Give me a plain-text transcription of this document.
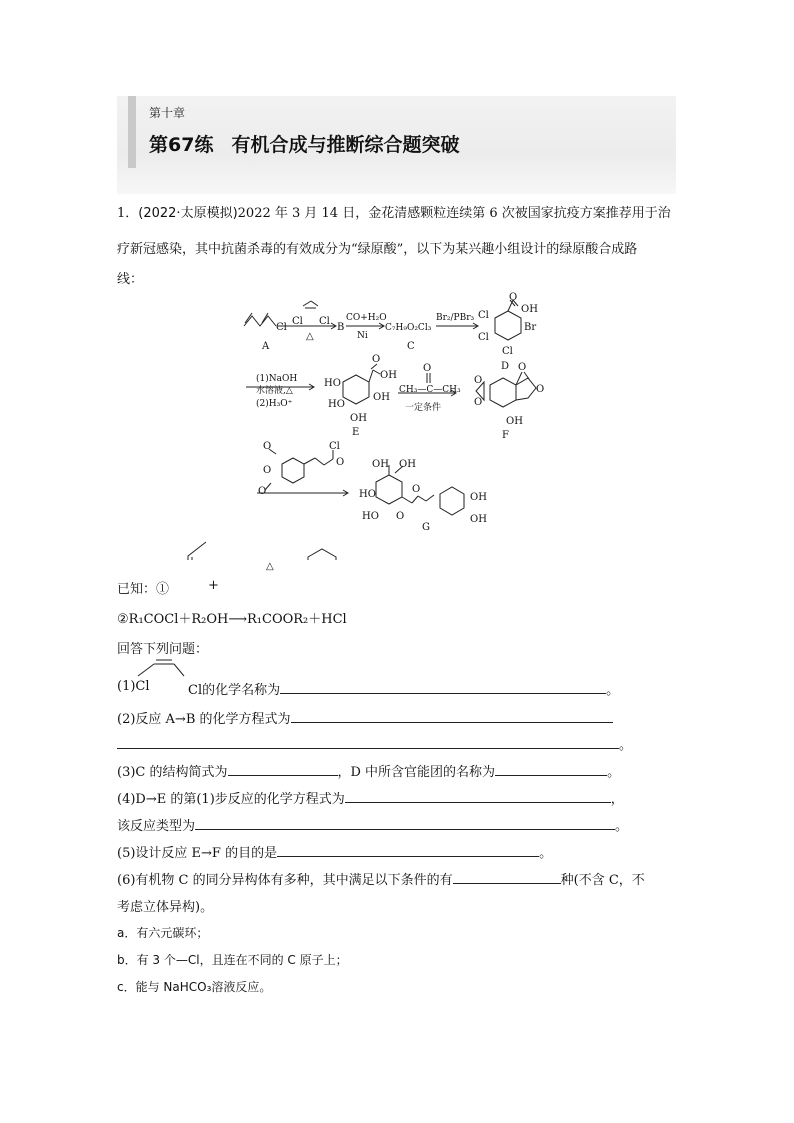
第十章
第67练 有机合成与推断综合题突破
1．(2022·太原模拟)2022 年 3 月 14 日，金花清感颗粒连续第 6 次被国家抗疫方案推荐用于治
疗新冠感染，其中抗菌杀毒的有效成分为“绿原酸”，以下为某兴趣小组设计的绿原酸合成路
线：
Cl
A
Cl Cl
△
B
CO+H₂O
Ni
C₇H₉O₂Cl₃
C
Br₂/PBr₃ Cl
Cl
Cl
Br
O
OH
D
(1)NaOH
水溶液,△
(2)H₃O⁺
HO
HO
OH
OH
O
OH
E
O
CH₃—C—CH₃
一定条件
O
O
O
O
OH
F
O
O
O
O
Cl
OH OH
HO
HO O
O
OH
OH
G
已知：①	+
△
②R₁COCl＋R₂OH⟶R₁COOR₂＋HCl
回答下列问题：
(1)Cl	Cl的化学名称为	。
(2)反应 A→B 的化学方程式为
。
(3)C 的结构简式为	，D 中所含官能团的名称为	。
(4)D→E 的第(1)步反应的化学方程式为	，
该反应类型为	。
(5)设计反应 E→F 的目的是	。
(6)有机物 C 的同分异构体有多种，其中满足以下条件的有	种(不含 C，不
考虑立体异构)。
a．有六元碳环；
b．有 3 个—Cl，且连在不同的 C 原子上；
c．能与 NaHCO₃溶液反应。
